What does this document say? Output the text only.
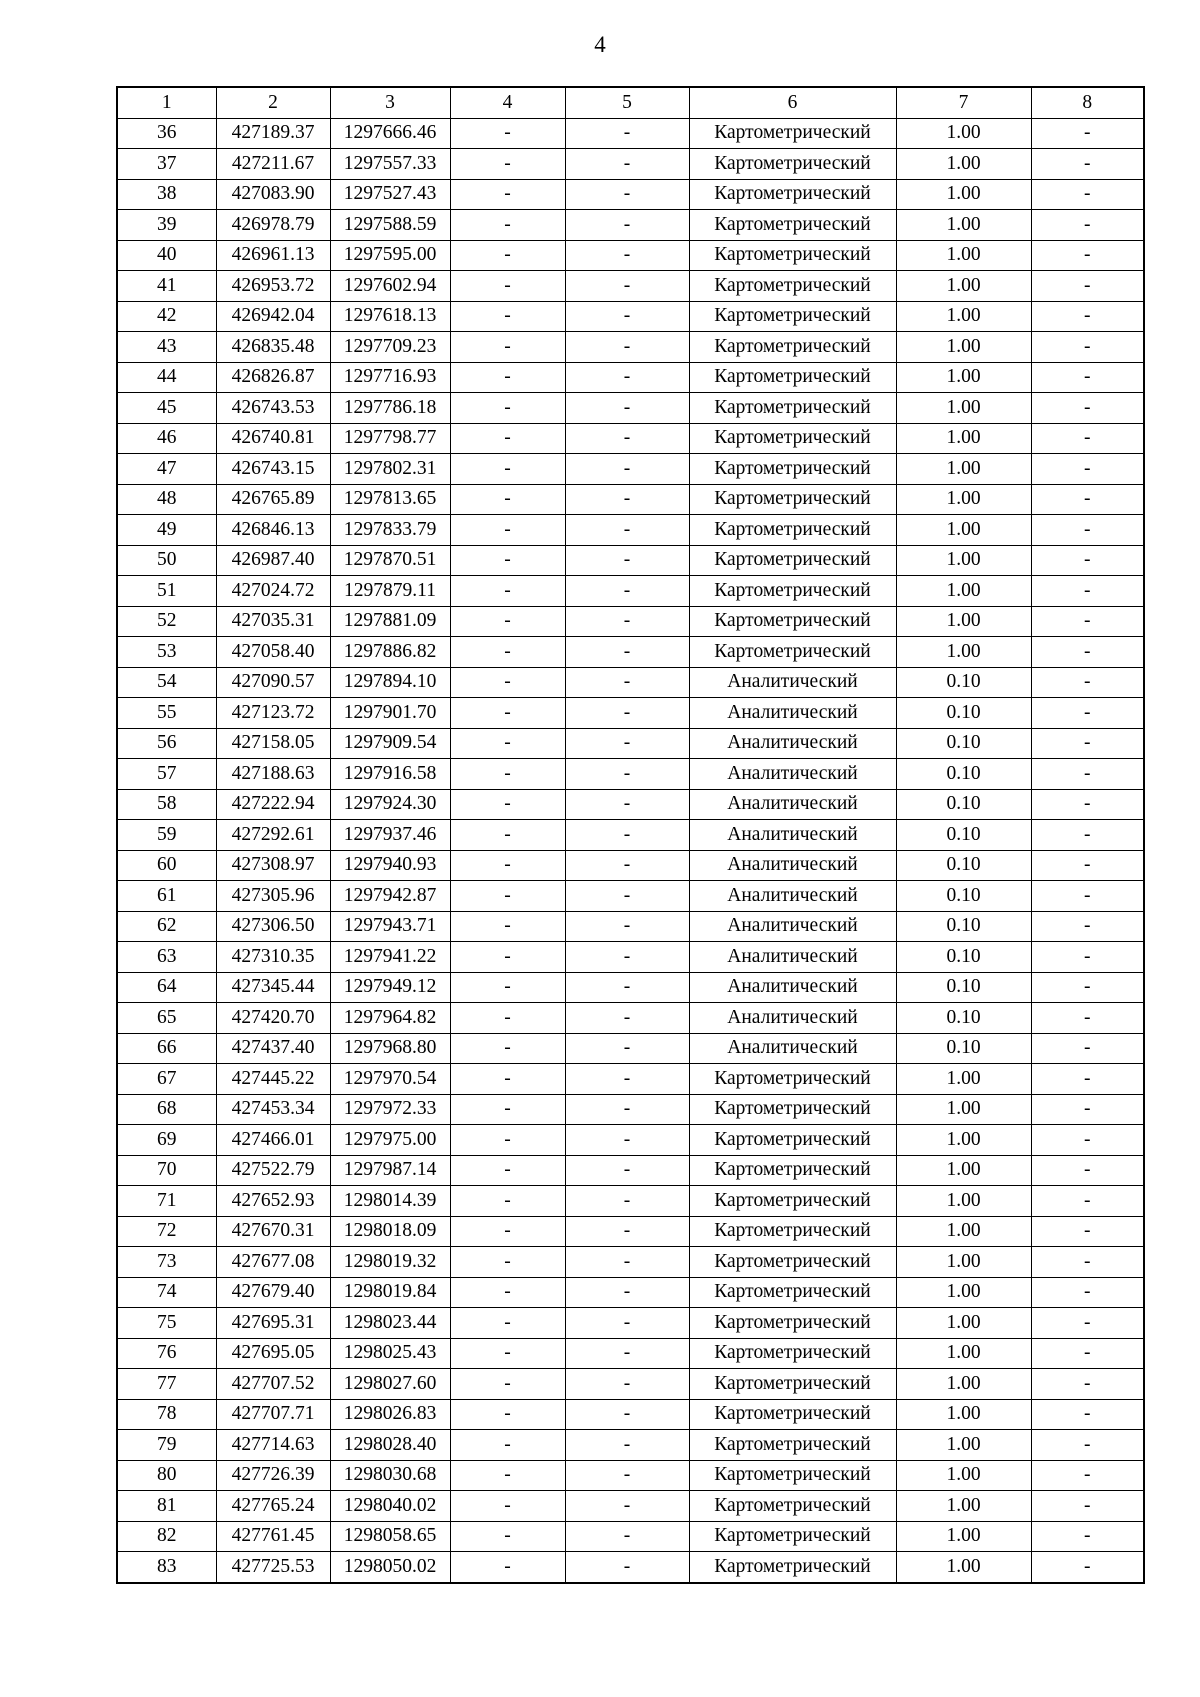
4
1	2	3	4	5	6	7	8
36	427189.37	1297666.46	-	-	Картометрический	1.00	-
37	427211.67	1297557.33	-	-	Картометрический	1.00	-
38	427083.90	1297527.43	-	-	Картометрический	1.00	-
39	426978.79	1297588.59	-	-	Картометрический	1.00	-
40	426961.13	1297595.00	-	-	Картометрический	1.00	-
41	426953.72	1297602.94	-	-	Картометрический	1.00	-
42	426942.04	1297618.13	-	-	Картометрический	1.00	-
43	426835.48	1297709.23	-	-	Картометрический	1.00	-
44	426826.87	1297716.93	-	-	Картометрический	1.00	-
45	426743.53	1297786.18	-	-	Картометрический	1.00	-
46	426740.81	1297798.77	-	-	Картометрический	1.00	-
47	426743.15	1297802.31	-	-	Картометрический	1.00	-
48	426765.89	1297813.65	-	-	Картометрический	1.00	-
49	426846.13	1297833.79	-	-	Картометрический	1.00	-
50	426987.40	1297870.51	-	-	Картометрический	1.00	-
51	427024.72	1297879.11	-	-	Картометрический	1.00	-
52	427035.31	1297881.09	-	-	Картометрический	1.00	-
53	427058.40	1297886.82	-	-	Картометрический	1.00	-
54	427090.57	1297894.10	-	-	Аналитический	0.10	-
55	427123.72	1297901.70	-	-	Аналитический	0.10	-
56	427158.05	1297909.54	-	-	Аналитический	0.10	-
57	427188.63	1297916.58	-	-	Аналитический	0.10	-
58	427222.94	1297924.30	-	-	Аналитический	0.10	-
59	427292.61	1297937.46	-	-	Аналитический	0.10	-
60	427308.97	1297940.93	-	-	Аналитический	0.10	-
61	427305.96	1297942.87	-	-	Аналитический	0.10	-
62	427306.50	1297943.71	-	-	Аналитический	0.10	-
63	427310.35	1297941.22	-	-	Аналитический	0.10	-
64	427345.44	1297949.12	-	-	Аналитический	0.10	-
65	427420.70	1297964.82	-	-	Аналитический	0.10	-
66	427437.40	1297968.80	-	-	Аналитический	0.10	-
67	427445.22	1297970.54	-	-	Картометрический	1.00	-
68	427453.34	1297972.33	-	-	Картометрический	1.00	-
69	427466.01	1297975.00	-	-	Картометрический	1.00	-
70	427522.79	1297987.14	-	-	Картометрический	1.00	-
71	427652.93	1298014.39	-	-	Картометрический	1.00	-
72	427670.31	1298018.09	-	-	Картометрический	1.00	-
73	427677.08	1298019.32	-	-	Картометрический	1.00	-
74	427679.40	1298019.84	-	-	Картометрический	1.00	-
75	427695.31	1298023.44	-	-	Картометрический	1.00	-
76	427695.05	1298025.43	-	-	Картометрический	1.00	-
77	427707.52	1298027.60	-	-	Картометрический	1.00	-
78	427707.71	1298026.83	-	-	Картометрический	1.00	-
79	427714.63	1298028.40	-	-	Картометрический	1.00	-
80	427726.39	1298030.68	-	-	Картометрический	1.00	-
81	427765.24	1298040.02	-	-	Картометрический	1.00	-
82	427761.45	1298058.65	-	-	Картометрический	1.00	-
83	427725.53	1298050.02	-	-	Картометрический	1.00	-
